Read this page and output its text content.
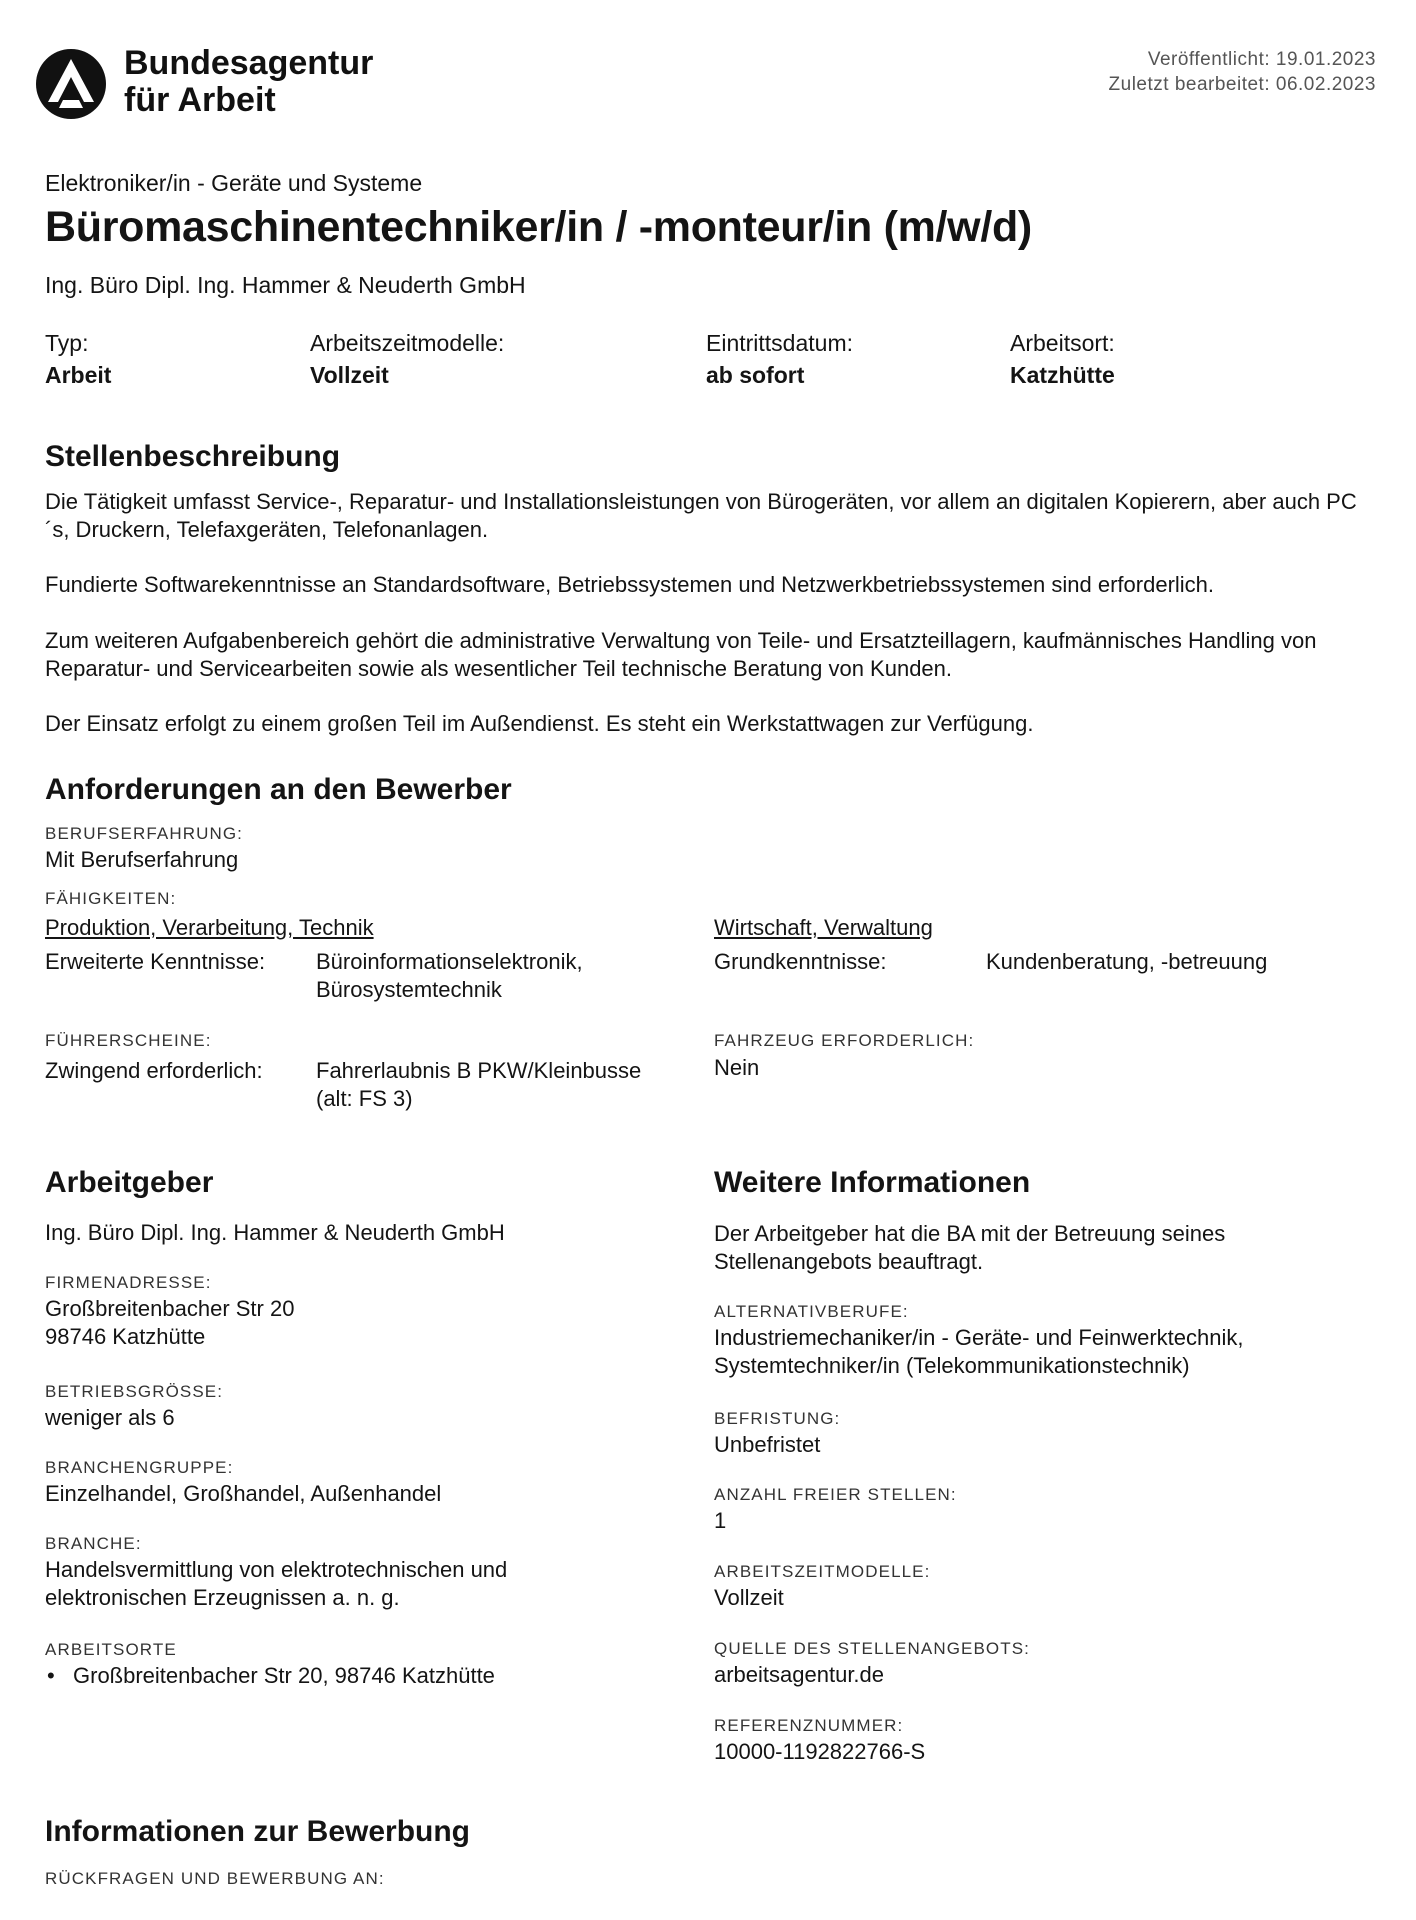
Bundesagentur
für Arbeit
Veröffentlicht: 19.01.2023
Zuletzt bearbeitet: 06.02.2023
Elektroniker/in - Geräte und Systeme
Büromaschinentechniker/in / -monteur/in (m/w/d)
Ing. Büro Dipl. Ing. Hammer & Neuderth GmbH
Typ:
Arbeit
Arbeitszeitmodelle:
Vollzeit
Eintrittsdatum:
ab sofort
Arbeitsort:
Katzhütte
Stellenbeschreibung
Die Tätigkeit umfasst Service-, Reparatur- und Installationsleistungen von Bürogeräten, vor allem an digitalen Kopierern, aber auch PC´s, Druckern, Telefaxgeräten, Telefonanlagen.
Fundierte Softwarekenntnisse an Standardsoftware, Betriebssystemen und Netzwerkbetriebssystemen sind erforderlich.
Zum weiteren Aufgabenbereich gehört die administrative Verwaltung von Teile- und Ersatzteillagern, kaufmännisches Handling von Reparatur- und Servicearbeiten sowie als wesentlicher Teil technische Beratung von Kunden.
Der Einsatz erfolgt zu einem großen Teil im Außendienst. Es steht ein Werkstattwagen zur Verfügung.
Anforderungen an den Bewerber
BERUFSERFAHRUNG:
Mit Berufserfahrung
FÄHIGKEITEN:
Produktion, Verarbeitung, Technik
Erweiterte Kenntnisse: Büroinformationselektronik,
Bürosystemtechnik
Wirtschaft, Verwaltung
Grundkenntnisse:	Kundenberatung, -betreuung
FÜHRERSCHEINE:
Zwingend erforderlich: Fahrerlaubnis B PKW/Kleinbusse
(alt: FS 3)
FAHRZEUG ERFORDERLICH:
Nein
Arbeitgeber
Ing. Büro Dipl. Ing. Hammer & Neuderth GmbH
FIRMENADRESSE:
Großbreitenbacher Str 20
98746 Katzhütte
BETRIEBSGRÖSSE:
weniger als 6
BRANCHENGRUPPE:
Einzelhandel, Großhandel, Außenhandel
BRANCHE:
Handelsvermittlung von elektrotechnischen und
elektronischen Erzeugnissen a. n. g.
ARBEITSORTE
• Großbreitenbacher Str 20, 98746 Katzhütte
Weitere Informationen
Der Arbeitgeber hat die BA mit der Betreuung seines
Stellenangebots beauftragt.
ALTERNATIVBERUFE:
Industriemechaniker/in - Geräte- und Feinwerktechnik,
Systemtechniker/in (Telekommunikationstechnik)
BEFRISTUNG:
Unbefristet
ANZAHL FREIER STELLEN:
1
ARBEITSZEITMODELLE:
Vollzeit
QUELLE DES STELLENANGEBOTS:
arbeitsagentur.de
REFERENZNUMMER:
10000-1192822766-S
Informationen zur Bewerbung
RÜCKFRAGEN UND BEWERBUNG AN:
